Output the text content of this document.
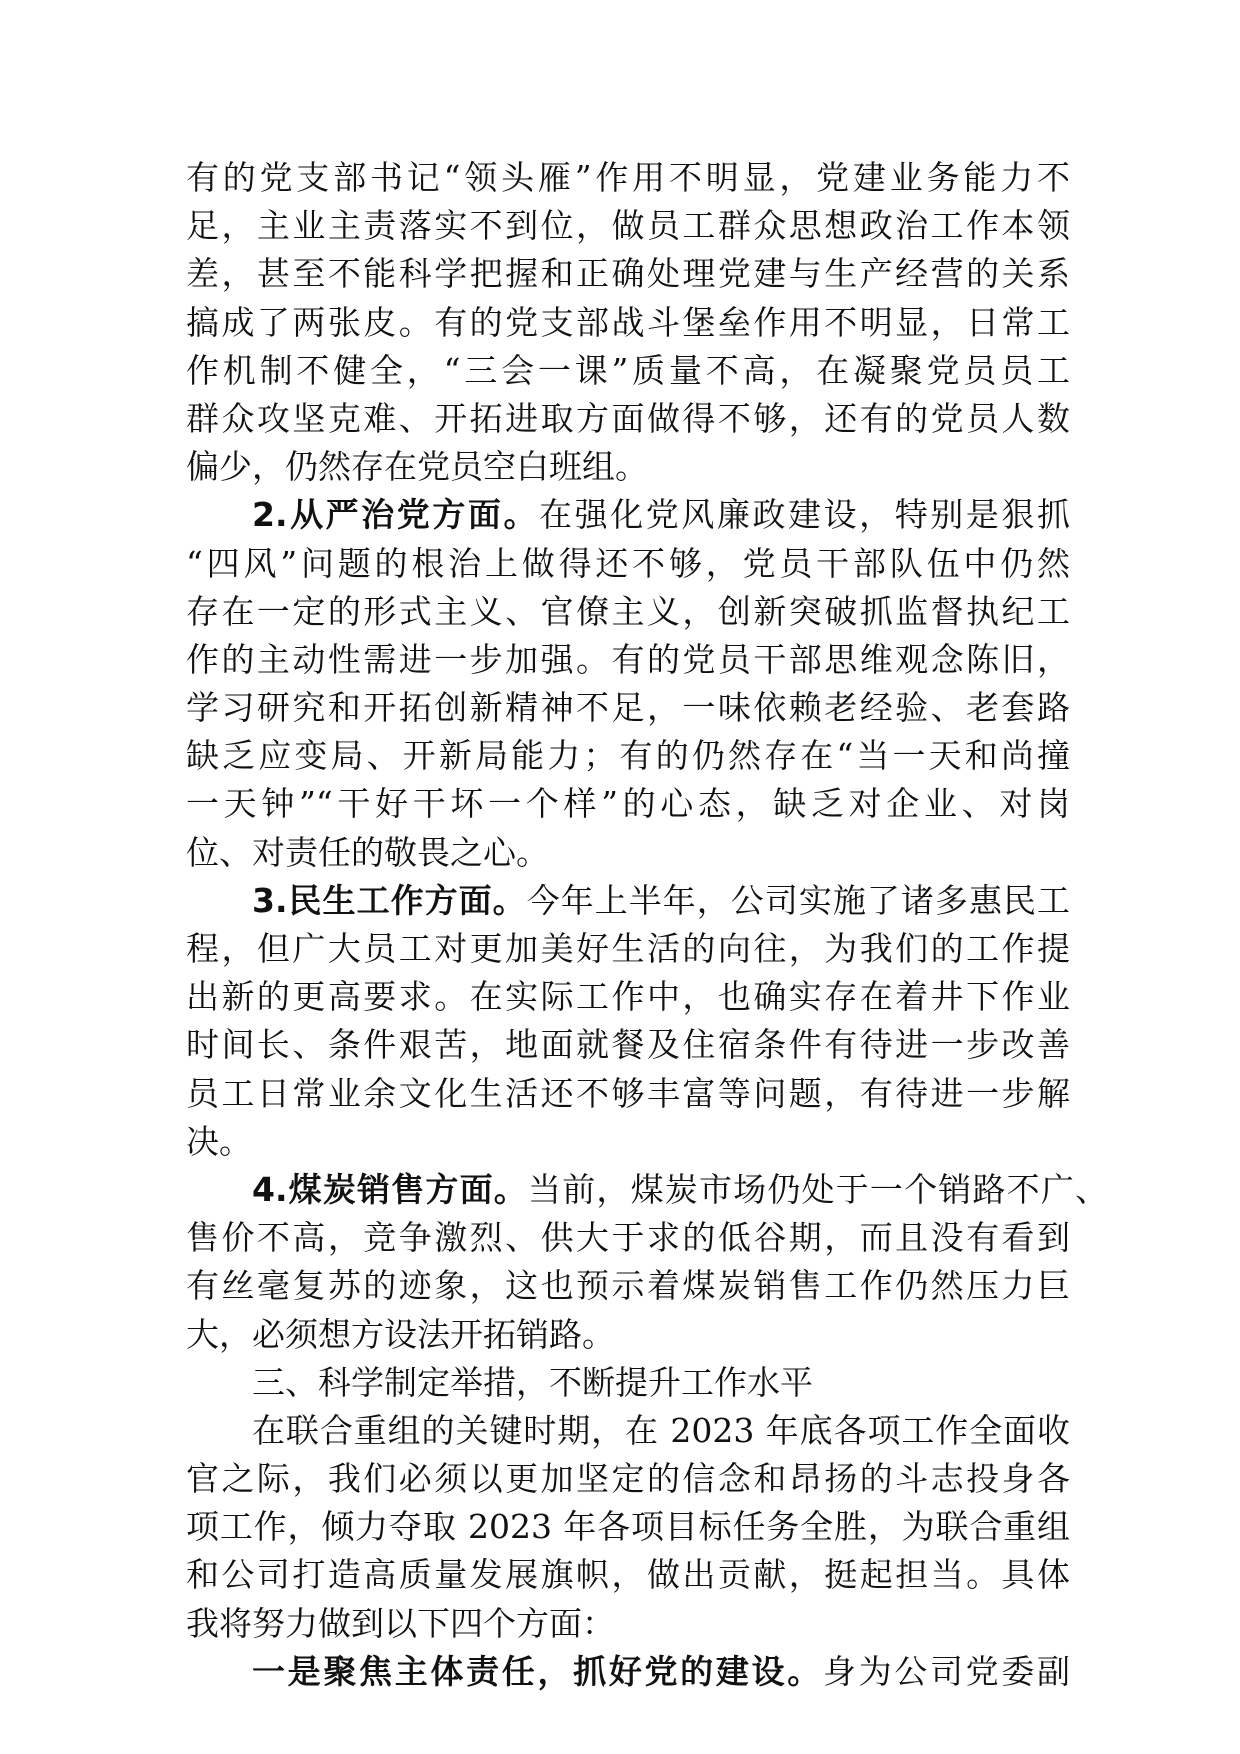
有的党支部书记“领头雁”作用不明显，党建业务能力不
足，主业主责落实不到位，做员工群众思想政治工作本领
差，甚至不能科学把握和正确处理党建与生产经营的关系
搞成了两张皮。有的党支部战斗堡垒作用不明显，日常工
作机制不健全，“三会一课”质量不高，在凝聚党员员工
群众攻坚克难、开拓进取方面做得不够，还有的党员人数
偏少，仍然存在党员空白班组。
2.从严治党方面。在强化党风廉政建设，特别是狠抓
“四风”问题的根治上做得还不够，党员干部队伍中仍然
存在一定的形式主义、官僚主义，创新突破抓监督执纪工
作的主动性需进一步加强。有的党员干部思维观念陈旧，
学习研究和开拓创新精神不足，一味依赖老经验、老套路
缺乏应变局、开新局能力；有的仍然存在“当一天和尚撞
一天钟”“干好干坏一个样”的心态，缺乏对企业、对岗
位、对责任的敬畏之心。
3.民生工作方面。今年上半年，公司实施了诸多惠民工
程，但广大员工对更加美好生活的向往，为我们的工作提
出新的更高要求。在实际工作中，也确实存在着井下作业
时间长、条件艰苦，地面就餐及住宿条件有待进一步改善
员工日常业余文化生活还不够丰富等问题，有待进一步解
决。
4.煤炭销售方面。当前，煤炭市场仍处于一个销路不广、
售价不高，竞争激烈、供大于求的低谷期，而且没有看到
有丝毫复苏的迹象，这也预示着煤炭销售工作仍然压力巨
大，必须想方设法开拓销路。
三、科学制定举措，不断提升工作水平
在联合重组的关键时期，在 2023 年底各项工作全面收
官之际，我们必须以更加坚定的信念和昂扬的斗志投身各
项工作，倾力夺取 2023 年各项目标任务全胜，为联合重组
和公司打造高质量发展旗帜，做出贡献，挺起担当。具体
我将努力做到以下四个方面：
一是聚焦主体责任，抓好党的建设。身为公司党委副
